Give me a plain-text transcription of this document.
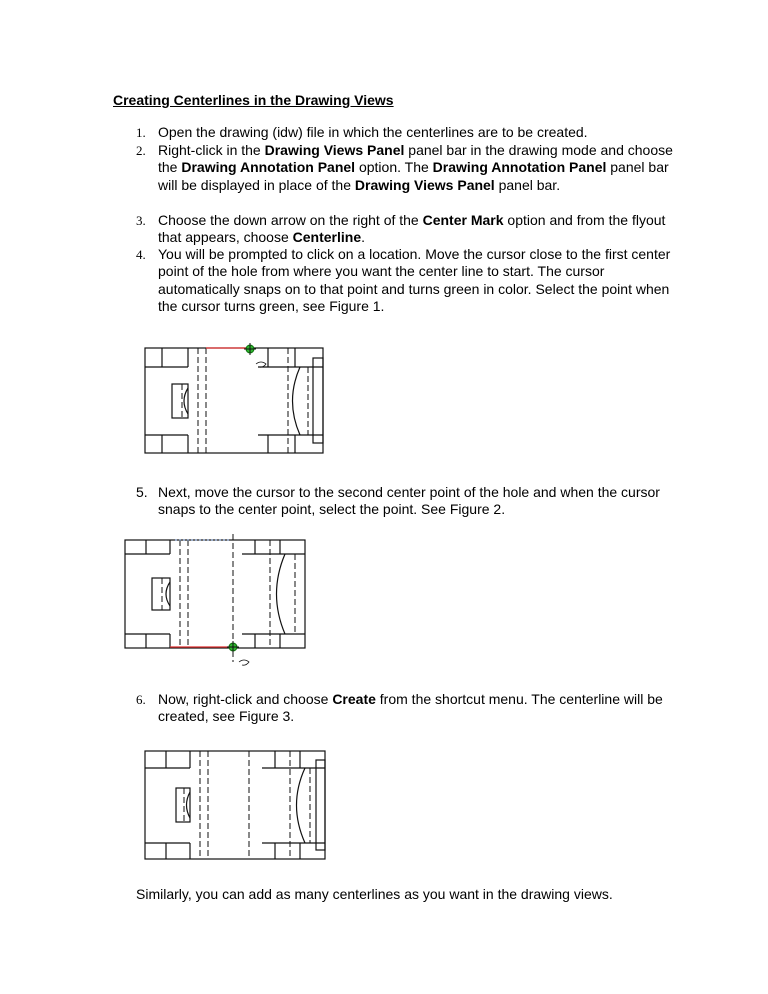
Creating Centerlines in the Drawing Views
1. Open the drawing (idw) file in which the centerlines are to be created.
2. Right-click in the Drawing Views Panel panel bar in the drawing mode and choose the Drawing Annotation Panel option. The Drawing Annotation Panel panel bar will be displayed in place of the Drawing Views Panel panel bar.
3. Choose the down arrow on the right of the Center Mark option and from the flyout that appears, choose Centerline.
4. You will be prompted to click on a location. Move the cursor close to the first center point of the hole from where you want the center line to start. The cursor automatically snaps on to that point and turns green in color. Select the point when the cursor turns green, see Figure 1.
5. Next, move the cursor to the second center point of the hole and when the cursor snaps to the center point, select the point. See Figure 2.
6. Now, right-click and choose Create from the shortcut menu. The centerline will be created, see Figure 3.
Similarly, you can add as many centerlines as you want in the drawing views.
